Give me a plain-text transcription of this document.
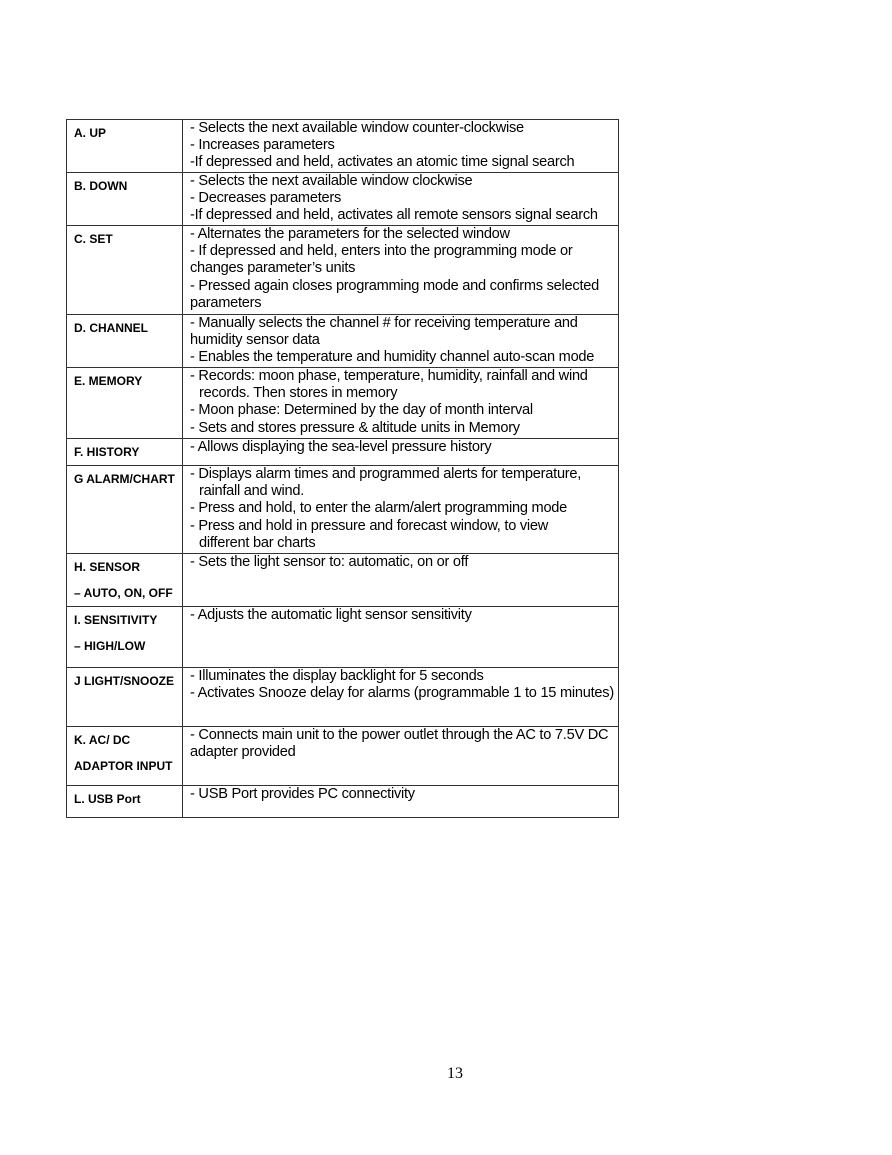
A. UP	- Selects the next available window counter-clockwise
- Increases parameters
-If depressed and held, activates an atomic time signal search

B. DOWN	- Selects the next available window clockwise
- Decreases parameters
-If depressed and held, activates all remote sensors signal search

C. SET	- Alternates the parameters for the selected window
- If depressed and held, enters into the programming mode or changes parameter’s units
- Pressed again closes programming mode and confirms selected parameters

D. CHANNEL	- Manually selects the channel # for receiving temperature and humidity sensor data
- Enables the temperature and humidity channel auto-scan mode

E. MEMORY	- Records: moon phase, temperature, humidity, rainfall and wind
records. Then stores in memory
- Moon phase: Determined by the day of month interval
- Sets and stores pressure & altitude units in Memory

F. HISTORY	- Allows displaying the sea-level pressure history

G ALARM/CHART	- Displays alarm times and programmed alerts for temperature,
rainfall and wind.
- Press and hold, to enter the alarm/alert programming mode
- Press and hold in pressure and forecast window, to view
different bar charts

H. SENSOR
– AUTO, ON, OFF	- Sets the light sensor to: automatic, on or off

I. SENSITIVITY
– HIGH/LOW	- Adjusts the automatic light sensor sensitivity

J LIGHT/SNOOZE	- Illuminates the display backlight for 5 seconds
- Activates Snooze delay for alarms (programmable 1 to 15 minutes)

K. AC/ DC
ADAPTOR INPUT	- Connects main unit to the power outlet through the AC to 7.5V DC adapter provided

L. USB Port	- USB Port provides PC connectivity
13
